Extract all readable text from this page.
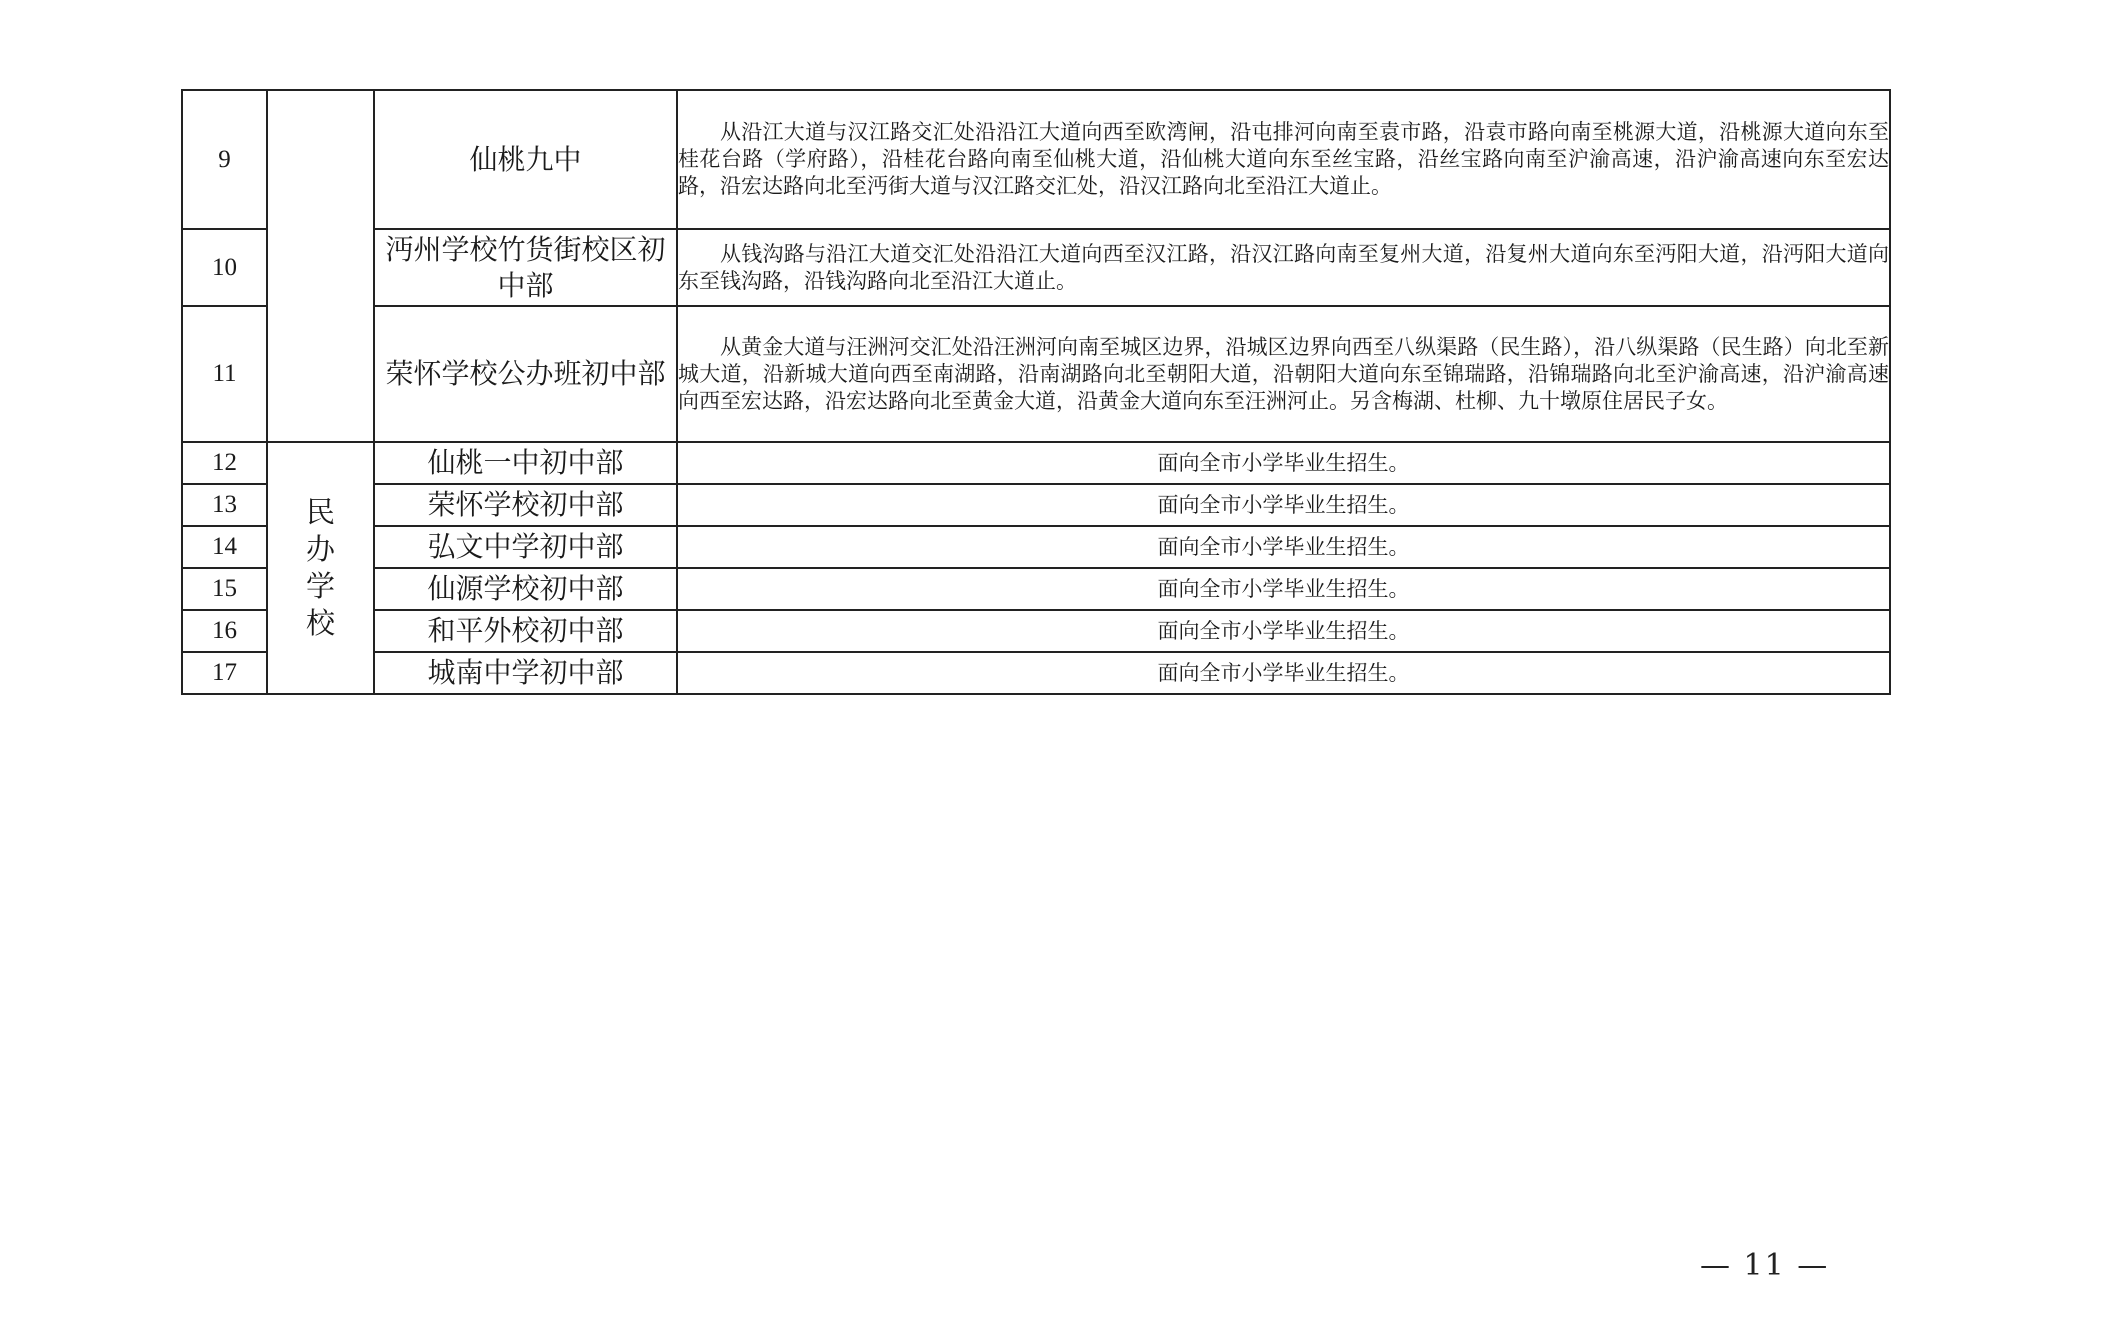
9		仙桃九中	从沿江大道与汉江路交汇处沿沿江大道向西至欧湾闸，沿屯排河向南至袁市路，沿袁市路向南至桃源大道，沿桃源大道向东至桂花台路（学府路），沿桂花台路向南至仙桃大道，沿仙桃大道向东至丝宝路，沿丝宝路向南至沪渝高速，沿沪渝高速向东至宏达路，沿宏达路向北至沔街大道与汉江路交汇处，沿汉江路向北至沿江大道止。

10		沔州学校竹货街校区初中部	从钱沟路与沿江大道交汇处沿沿江大道向西至汉江路，沿汉江路向南至复州大道，沿复州大道向东至沔阳大道，沿沔阳大道向东至钱沟路，沿钱沟路向北至沿江大道止。

11		荣怀学校公办班初中部	从黄金大道与汪洲河交汇处沿汪洲河向南至城区边界，沿城区边界向西至八纵渠路（民生路），沿八纵渠路（民生路）向北至新城大道，沿新城大道向西至南湖路，沿南湖路向北至朝阳大道，沿朝阳大道向东至锦瑞路，沿锦瑞路向北至沪渝高速，沿沪渝高速向西至宏达路，沿宏达路向北至黄金大道，沿黄金大道向东至汪洲河止。另含梅湖、杜柳、九十墩原住居民子女。

12	民办学校	仙桃一中初中部	面向全市小学毕业生招生。
13		荣怀学校初中部	面向全市小学毕业生招生。
14		弘文中学初中部	面向全市小学毕业生招生。
15		仙源学校初中部	面向全市小学毕业生招生。
16		和平外校初中部	面向全市小学毕业生招生。
17		城南中学初中部	面向全市小学毕业生招生。
— 11 —
